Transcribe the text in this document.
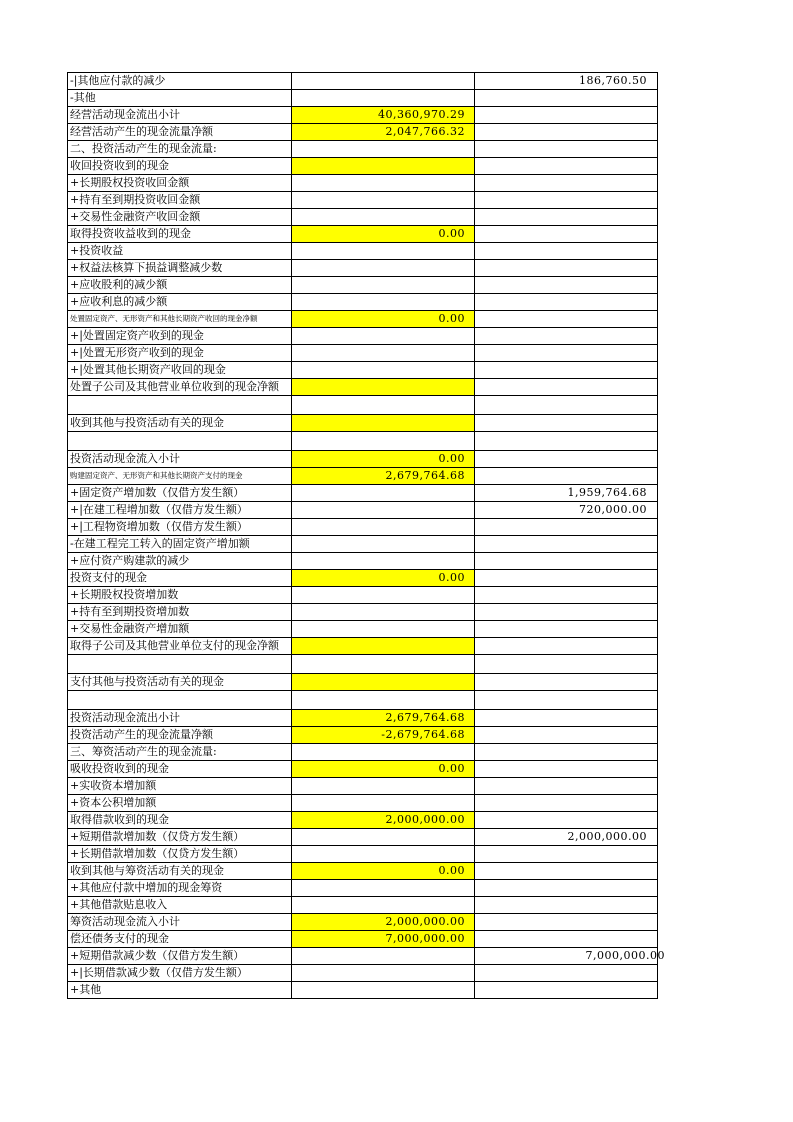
-|其他应付款的减少		186,760.50
-其他		
经营活动现金流出小计	40,360,970.29	
经营活动产生的现金流量净额	2,047,766.32	
二、投资活动产生的现金流量:		
收回投资收到的现金		
+长期股权投资收回金额		
+持有至到期投资收回金额		
+交易性金融资产收回金额		
取得投资收益收到的现金	0.00	
+投资收益		
+权益法核算下损益调整减少数		
+应收股利的减少额		
+应收利息的减少额		
处置固定资产、无形资产和其他长期资产收回的现金净额	0.00	
+|处置固定资产收到的现金		
+|处置无形资产收到的现金		
+|处置其他长期资产收回的现金		
处置子公司及其他营业单位收到的现金净额		

收到其他与投资活动有关的现金		

投资活动现金流入小计	0.00	
购建固定资产、无形资产和其他长期资产支付的现金	2,679,764.68	
+固定资产增加数（仅借方发生额）		1,959,764.68
+|在建工程增加数（仅借方发生额）		720,000.00
+|工程物资增加数（仅借方发生额）		
-在建工程完工转入的固定资产增加额		
+应付资产购建款的减少		
投资支付的现金	0.00	
+长期股权投资增加数		
+持有至到期投资增加数		
+交易性金融资产增加额		
取得子公司及其他营业单位支付的现金净额		

支付其他与投资活动有关的现金		

投资活动现金流出小计	2,679,764.68	
投资活动产生的现金流量净额	-2,679,764.68	
三、筹资活动产生的现金流量:		
吸收投资收到的现金	0.00	
+实收资本增加额		
+资本公积增加额		
取得借款收到的现金	2,000,000.00	
+短期借款增加数（仅贷方发生额）		2,000,000.00
+长期借款增加数（仅贷方发生额）		
收到其他与筹资活动有关的现金	0.00	
+其他应付款中增加的现金筹资		
+其他借款贴息收入		
筹资活动现金流入小计	2,000,000.00	
偿还债务支付的现金	7,000,000.00	
+短期借款减少数（仅借方发生额）		7,000,000.00
+|长期借款减少数（仅借方发生额）		
+其他		
